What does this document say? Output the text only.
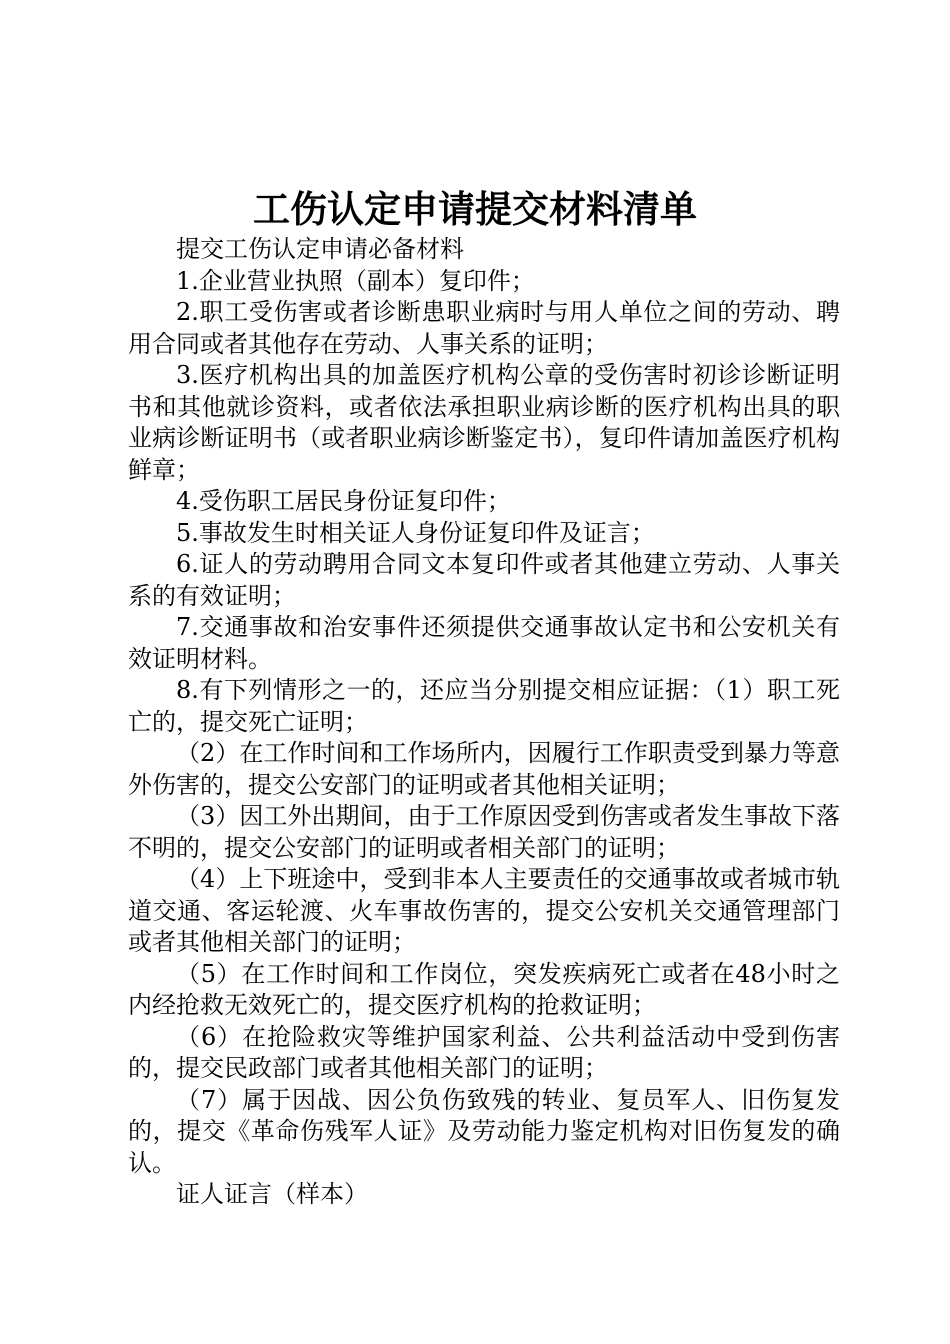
工伤认定申请提交材料清单

提交工伤认定申请必备材料

1.企业营业执照（副本）复印件；

2.职工受伤害或者诊断患职业病时与用人单位之间的劳动、聘用合同或者其他存在劳动、人事关系的证明；

3.医疗机构出具的加盖医疗机构公章的受伤害时初诊诊断证明书和其他就诊资料，或者依法承担职业病诊断的医疗机构出具的职业病诊断证明书（或者职业病诊断鉴定书），复印件请加盖医疗机构鲜章；

4.受伤职工居民身份证复印件；

5.事故发生时相关证人身份证复印件及证言；

6.证人的劳动聘用合同文本复印件或者其他建立劳动、人事关系的有效证明；

7.交通事故和治安事件还须提供交通事故认定书和公安机关有效证明材料。

8.有下列情形之一的，还应当分别提交相应证据：（1）职工死亡的，提交死亡证明；

（2）在工作时间和工作场所内，因履行工作职责受到暴力等意外伤害的，提交公安部门的证明或者其他相关证明；

（3）因工外出期间，由于工作原因受到伤害或者发生事故下落不明的，提交公安部门的证明或者相关部门的证明；

（4）上下班途中，受到非本人主要责任的交通事故或者城市轨道交通、客运轮渡、火车事故伤害的，提交公安机关交通管理部门或者其他相关部门的证明；

（5）在工作时间和工作岗位，突发疾病死亡或者在48小时之内经抢救无效死亡的，提交医疗机构的抢救证明；

（6）在抢险救灾等维护国家利益、公共利益活动中受到伤害的，提交民政部门或者其他相关部门的证明；

（7）属于因战、因公负伤致残的转业、复员军人、旧伤复发的，提交《革命伤残军人证》及劳动能力鉴定机构对旧伤复发的确认。

证人证言（样本）
